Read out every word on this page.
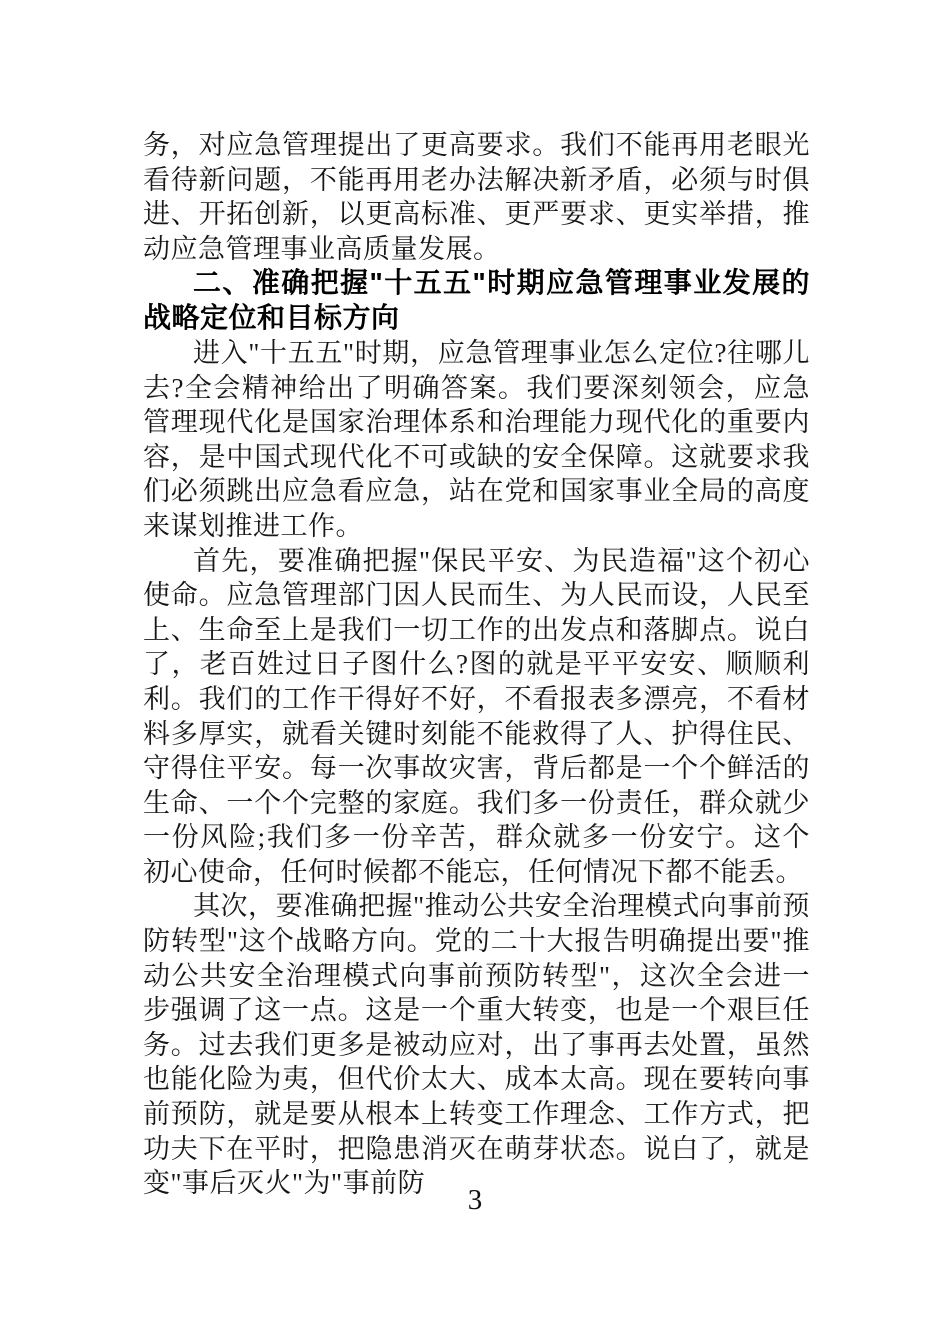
务，对应急管理提出了更高要求。我们不能再用老眼光看待新问题，不能再用老办法解决新矛盾，必须与时俱进、开拓创新，以更高标准、更严要求、更实举措，推动应急管理事业高质量发展。

二、准确把握"十五五"时期应急管理事业发展的战略定位和目标方向

进入"十五五"时期，应急管理事业怎么定位?往哪儿去?全会精神给出了明确答案。我们要深刻领会，应急管理现代化是国家治理体系和治理能力现代化的重要内容，是中国式现代化不可或缺的安全保障。这就要求我们必须跳出应急看应急，站在党和国家事业全局的高度来谋划推进工作。

首先，要准确把握"保民平安、为民造福"这个初心使命。应急管理部门因人民而生、为人民而设，人民至上、生命至上是我们一切工作的出发点和落脚点。说白了，老百姓过日子图什么?图的就是平平安安、顺顺利利。我们的工作干得好不好，不看报表多漂亮，不看材料多厚实，就看关键时刻能不能救得了人、护得住民、守得住平安。每一次事故灾害，背后都是一个个鲜活的生命、一个个完整的家庭。我们多一份责任，群众就少一份风险;我们多一份辛苦，群众就多一份安宁。这个初心使命，任何时候都不能忘，任何情况下都不能丢。

其次，要准确把握"推动公共安全治理模式向事前预防转型"这个战略方向。党的二十大报告明确提出要"推动公共安全治理模式向事前预防转型"，这次全会进一步强调了这一点。这是一个重大转变，也是一个艰巨任务。过去我们更多是被动应对，出了事再去处置，虽然也能化险为夷，但代价太大、成本太高。现在要转向事前预防，就是要从根本上转变工作理念、工作方式，把功夫下在平时，把隐患消灭在萌芽状态。说白了，就是变"事后灭火"为"事前防

3
